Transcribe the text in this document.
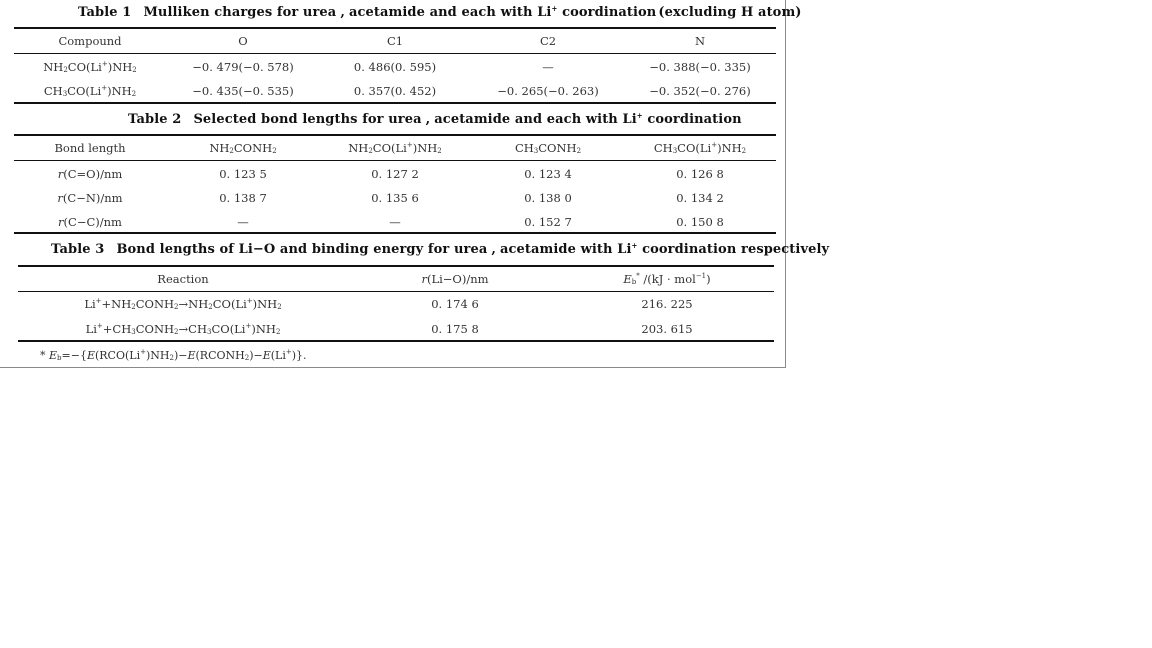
Table 1 Mulliken charges for urea , acetamide and each with Li+ coordination (excluding H atom)
Compound	O	C1	C2	N
$NH_2CO(Li^+)NH_2$	−0. 479(−0. 578)	0. 486(0. 595)	—	−0. 388(−0. 335)
$CH_3CO(Li^+)NH_2$	−0. 435(−0. 535)	0. 357(0. 452)	−0. 265(−0. 263)	−0. 352(−0. 276)
Table 2 Selected bond lengths for urea , acetamide and each with Li+ coordination
Bond length	$NH_2CONH_2$	$NH_2CO(Li^+)NH_2$	$CH_3CONH_2$	$CH_3CO(Li^+)NH_2$
r(C=O)/nm	0. 123 5	0. 127 2	0. 123 4	0. 126 8
r(C−N)/nm	0. 138 7	0. 135 6	0. 138 0	0. 134 2
r(C−C)/nm	—	—	0. 152 7	0. 150 8
Table 3 Bond lengths of Li−O and binding energy for urea , acetamide with Li+ coordination respectively
Reaction	r(Li−O)/nm	$E_b^*$ /(kJ · mol$^{-1}$)
$Li^++NH_2CONH_2\to NH_2CO(Li^+)NH_2$	0. 174 6	216. 225
$Li^++CH_3CONH_2\to CH_3CO(Li^+)NH_2$	0. 175 8	203. 615
* $E_b=-\{E(RCO(Li^+)NH_2)-E(RCONH_2)-E(Li^+)\}$.
